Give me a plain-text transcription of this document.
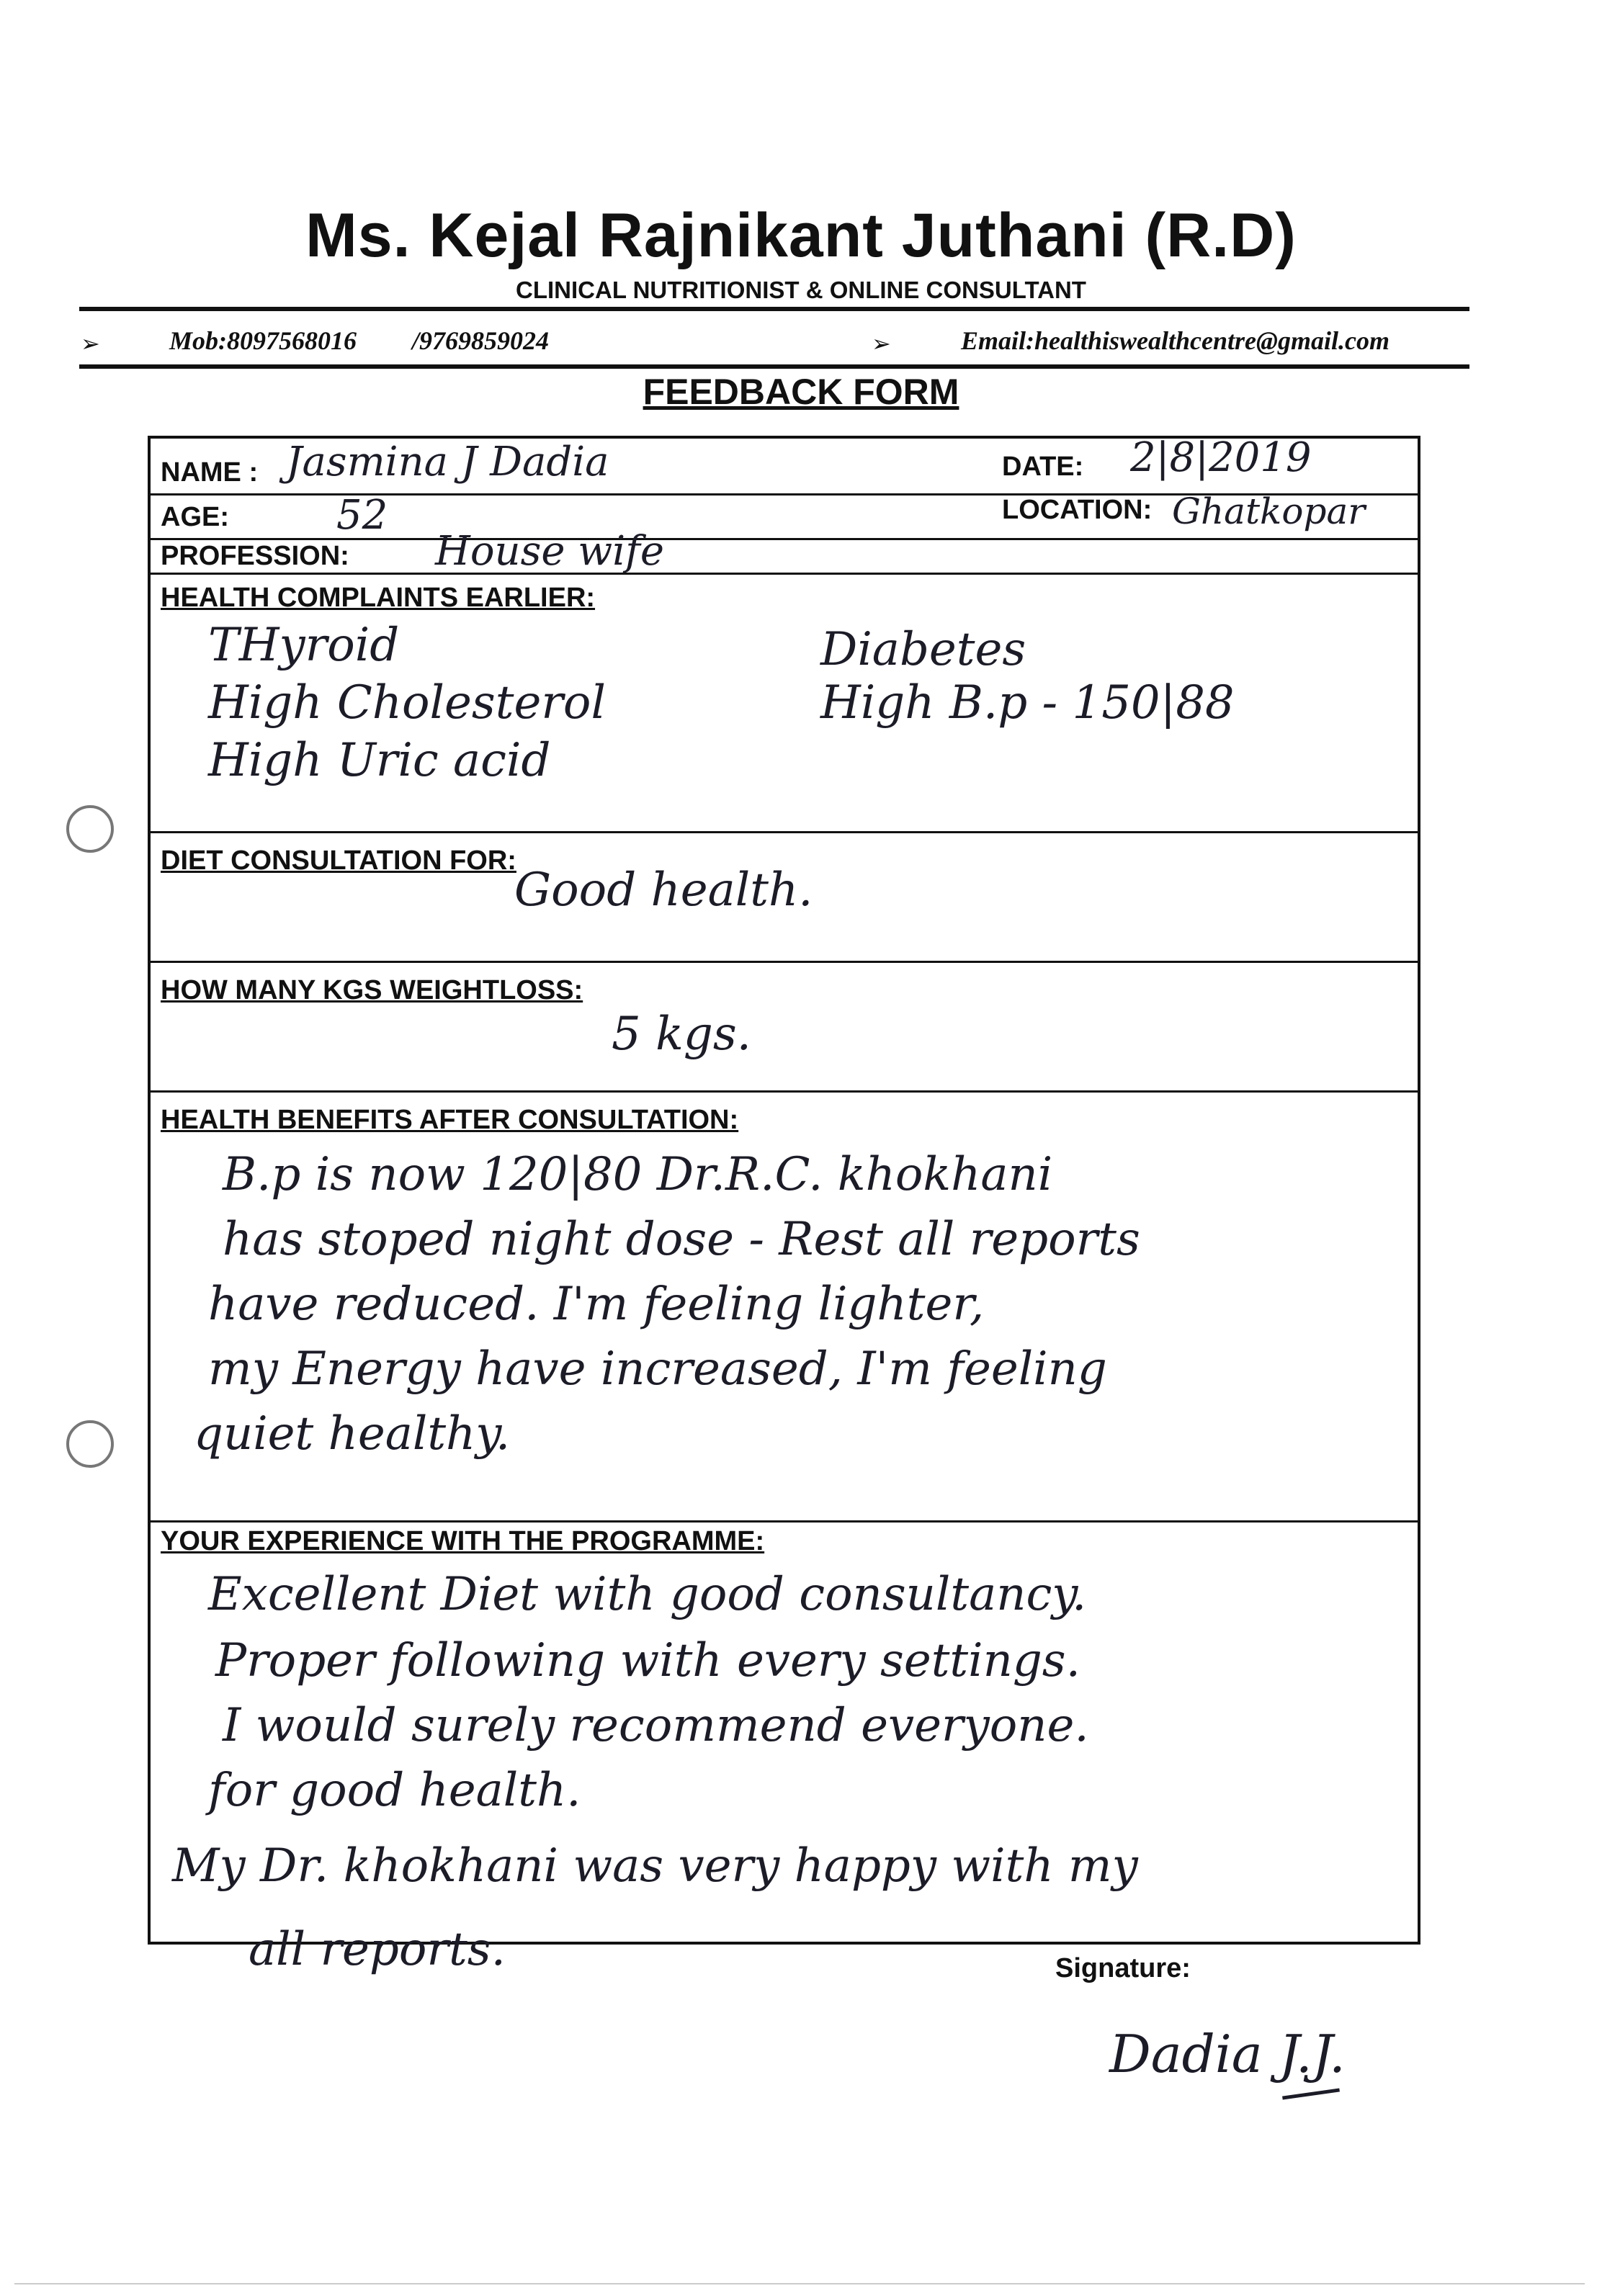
Ms. Kejal Rajnikant Juthani (R.D)
CLINICAL NUTRITIONIST & ONLINE CONSULTANT
➢	Mob:8097568016 /9769859024	➢	Email:healthiswealthcentre@gmail.com
FEEDBACK FORM
NAME : Jasmina J Dadia	DATE: 2|8|2019
AGE:	52	LOCATION: Ghatkopar
PROFESSION: House wife
HEALTH COMPLAINTS EARLIER:
THyroid
High Cholesterol
High Uric acid
Diabetes
High B.p - 150|88
DIET CONSULTATION FOR:
Good health.
HOW MANY KGS WEIGHTLOSS:
5 kgs.
HEALTH BENEFITS AFTER CONSULTATION:
B.p is now 120|80 Dr.R.C. khokhani
has stoped night dose - Rest all reports
have reduced. I'm feeling lighter,
my Energy have increased, I'm feeling
quiet healthy.
YOUR EXPERIENCE WITH THE PROGRAMME:
Excellent Diet with good consultancy.
Proper following with every settings.
I would surely recommend everyone.
for good health.
My Dr. khokhani was very happy with my
all reports.	Signature:
Dadia J.J.
